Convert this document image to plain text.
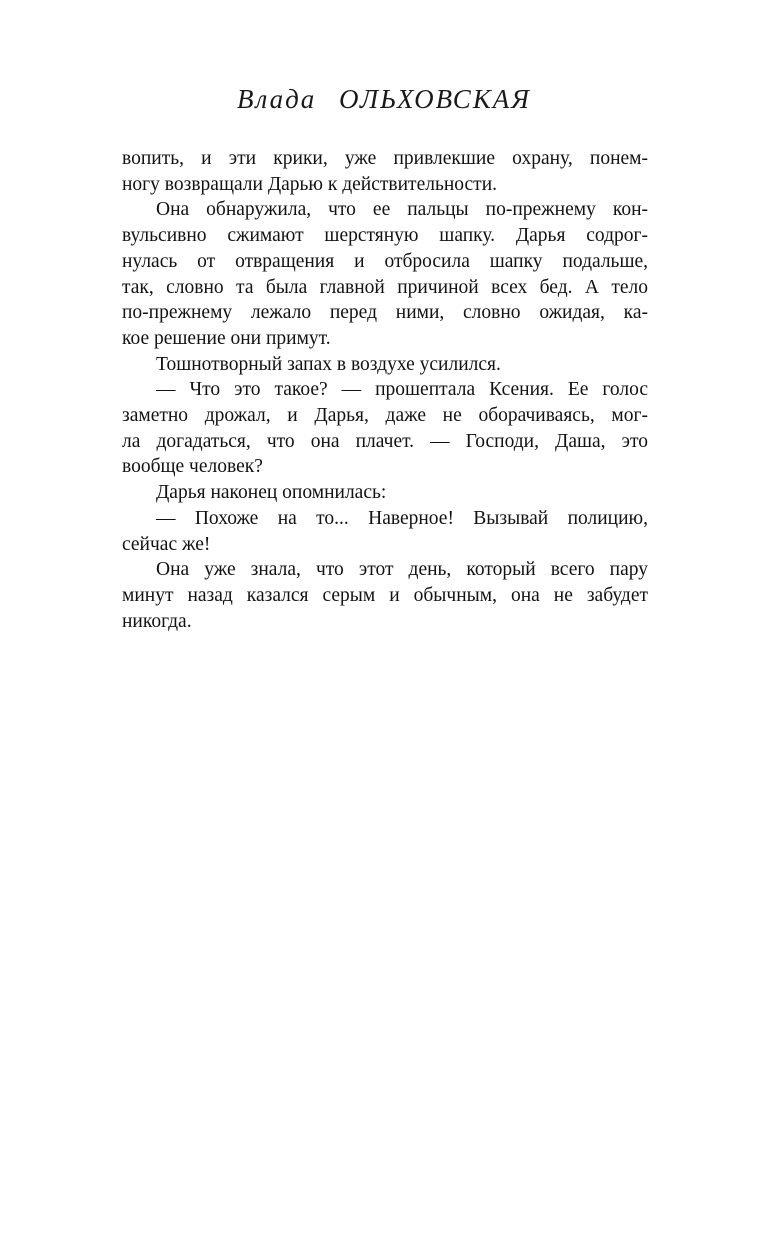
Влада ОЛЬХОВСКАЯ
вопить, и эти крики, уже привлекшие охрану, понем-
ногу возвращали Дарью к действительности.
Она обнаружила, что ее пальцы по-прежнему кон-
вульсивно сжимают шерстяную шапку. Дарья содрог-
нулась от отвращения и отбросила шапку подальше,
так, словно та была главной причиной всех бед. А тело
по-прежнему лежало перед ними, словно ожидая, ка-
кое решение они примут.
Тошнотворный запах в воздухе усилился.
— Что это такое? — прошептала Ксения. Ее голос
заметно дрожал, и Дарья, даже не оборачиваясь, мог-
ла догадаться, что она плачет. — Господи, Даша, это
вообще человек?
Дарья наконец опомнилась:
— Похоже на то... Наверное! Вызывай полицию,
сейчас же!
Она уже знала, что этот день, который всего пару
минут назад казался серым и обычным, она не забудет
никогда.
